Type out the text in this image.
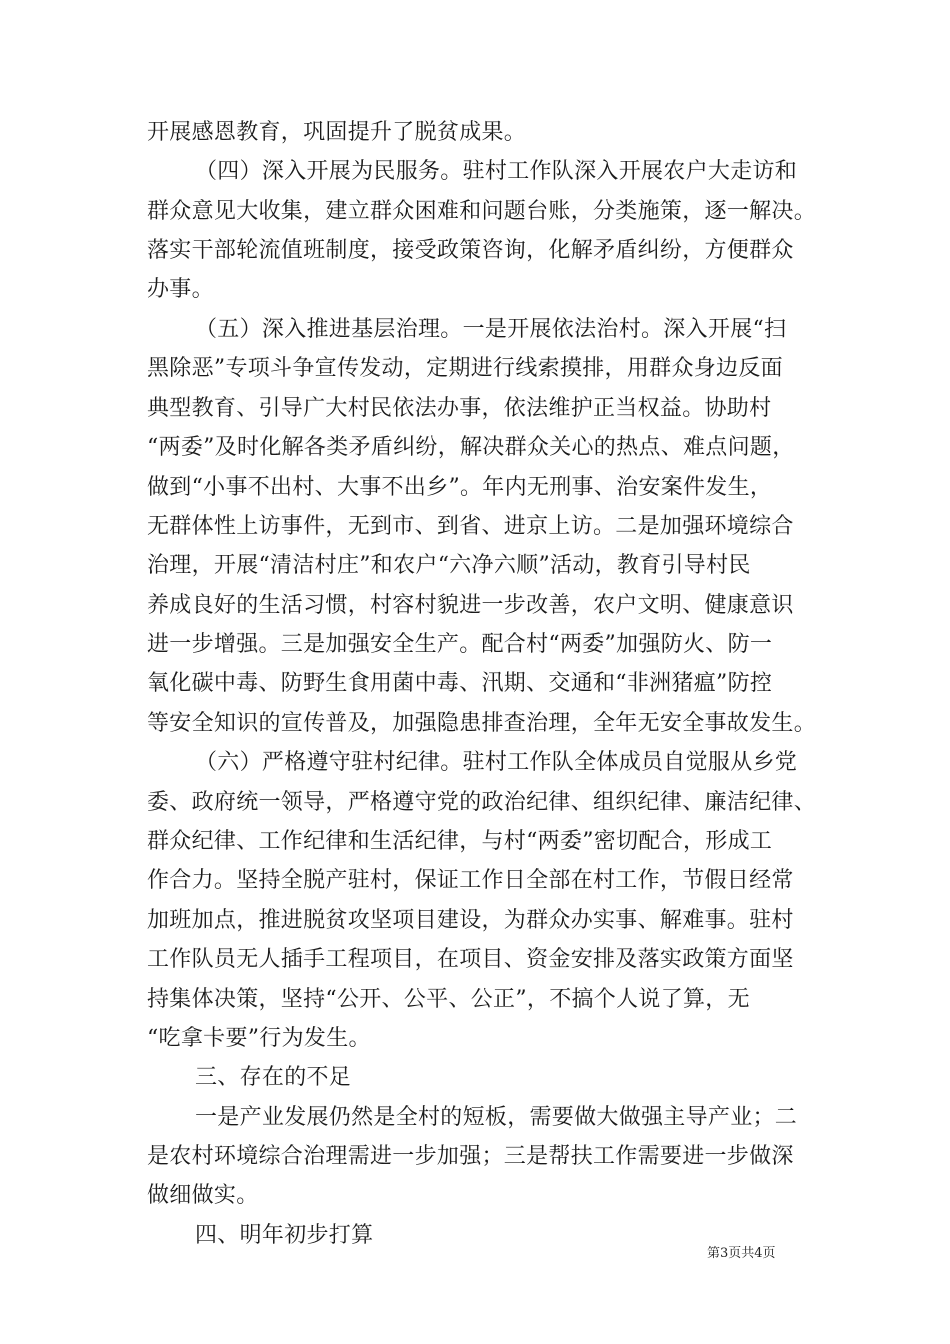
开展感恩教育，巩固提升了脱贫成果。
（四）深入开展为民服务。驻村工作队深入开展农户大走访和
群众意见大收集，建立群众困难和问题台账，分类施策，逐一解决。
落实干部轮流值班制度，接受政策咨询，化解矛盾纠纷，方便群众
办事。
（五）深入推进基层治理。一是开展依法治村。深入开展“扫
黑除恶”专项斗争宣传发动，定期进行线索摸排，用群众身边反面
典型教育、引导广大村民依法办事，依法维护正当权益。协助村
“两委”及时化解各类矛盾纠纷，解决群众关心的热点、难点问题，
做到“小事不出村、大事不出乡”。年内无刑事、治安案件发生，
无群体性上访事件，无到市、到省、进京上访。二是加强环境综合
治理，开展“清洁村庄”和农户“六净六顺”活动，教育引导村民
养成良好的生活习惯，村容村貌进一步改善，农户文明、健康意识
进一步增强。三是加强安全生产。配合村“两委”加强防火、防一
氧化碳中毒、防野生食用菌中毒、汛期、交通和“非洲猪瘟”防控
等安全知识的宣传普及，加强隐患排查治理，全年无安全事故发生。
（六）严格遵守驻村纪律。驻村工作队全体成员自觉服从乡党
委、政府统一领导，严格遵守党的政治纪律、组织纪律、廉洁纪律、
群众纪律、工作纪律和生活纪律，与村“两委”密切配合，形成工
作合力。坚持全脱产驻村，保证工作日全部在村工作，节假日经常
加班加点，推进脱贫攻坚项目建设，为群众办实事、解难事。驻村
工作队员无人插手工程项目，在项目、资金安排及落实政策方面坚
持集体决策，坚持“公开、公平、公正”，不搞个人说了算，无
“吃拿卡要”行为发生。
三、存在的不足
一是产业发展仍然是全村的短板，需要做大做强主导产业；二
是农村环境综合治理需进一步加强；三是帮扶工作需要进一步做深
做细做实。
四、明年初步打算
第3页共4页
